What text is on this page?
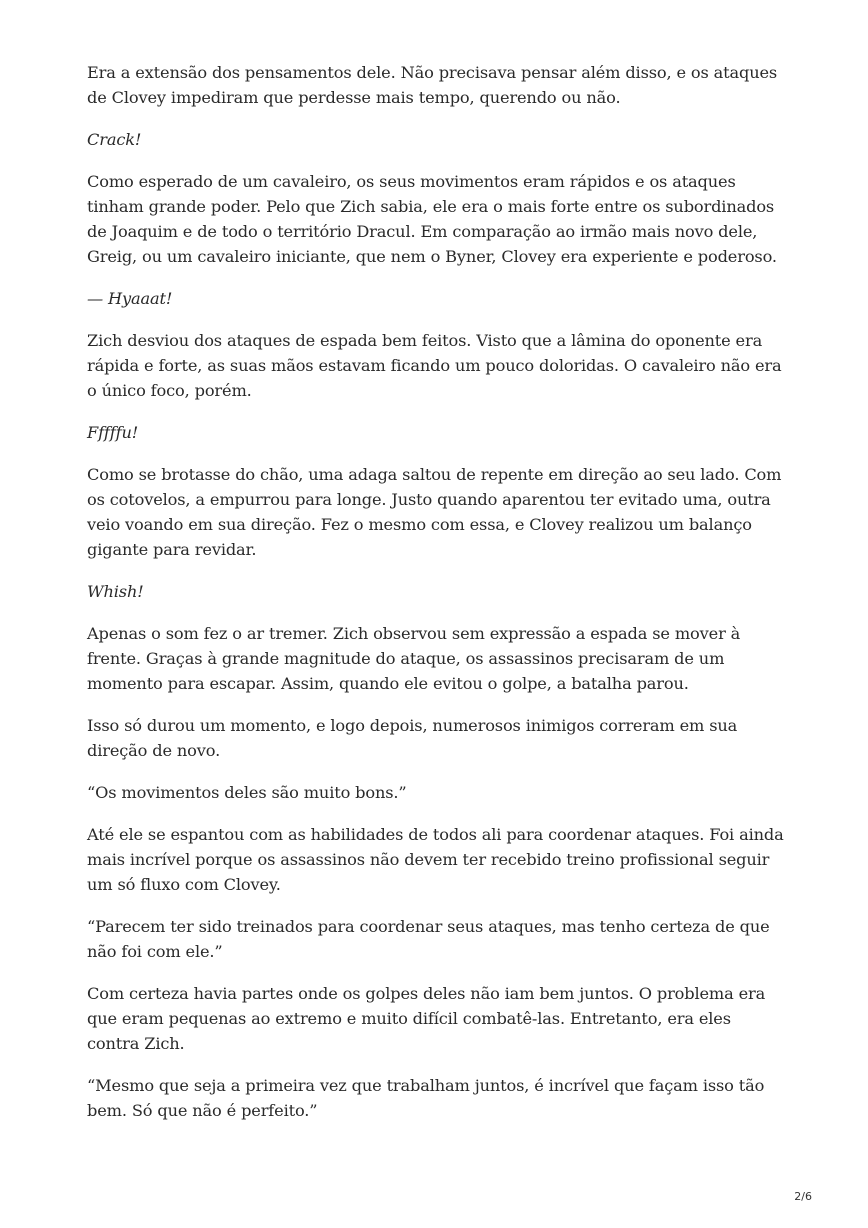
Era a extensão dos pensamentos dele. Não precisava pensar além disso, e os ataques de Clovey impediram que perdesse mais tempo, querendo ou não.

Crack!

Como esperado de um cavaleiro, os seus movimentos eram rápidos e os ataques tinham grande poder. Pelo que Zich sabia, ele era o mais forte entre os subordinados de Joaquim e de todo o território Dracul. Em comparação ao irmão mais novo dele, Greig, ou um cavaleiro iniciante, que nem o Byner, Clovey era experiente e poderoso.

— Hyaaat!

Zich desviou dos ataques de espada bem feitos. Visto que a lâmina do oponente era rápida e forte, as suas mãos estavam ficando um pouco doloridas. O cavaleiro não era o único foco, porém.

Fffffu!

Como se brotasse do chão, uma adaga saltou de repente em direção ao seu lado. Com os cotovelos, a empurrou para longe. Justo quando aparentou ter evitado uma, outra veio voando em sua direção. Fez o mesmo com essa, e Clovey realizou um balanço gigante para revidar.

Whish!

Apenas o som fez o ar tremer. Zich observou sem expressão a espada se mover à frente. Graças à grande magnitude do ataque, os assassinos precisaram de um momento para escapar. Assim, quando ele evitou o golpe, a batalha parou.

Isso só durou um momento, e logo depois, numerosos inimigos correram em sua direção de novo.

“Os movimentos deles são muito bons.”

Até ele se espantou com as habilidades de todos ali para coordenar ataques. Foi ainda mais incrível porque os assassinos não devem ter recebido treino profissional seguir um só fluxo com Clovey.

“Parecem ter sido treinados para coordenar seus ataques, mas tenho certeza de que não foi com ele.”

Com certeza havia partes onde os golpes deles não iam bem juntos. O problema era que eram pequenas ao extremo e muito difícil combatê-las. Entretanto, era eles contra Zich.

“Mesmo que seja a primeira vez que trabalham juntos, é incrível que façam isso tão bem. Só que não é perfeito.”

2/6
